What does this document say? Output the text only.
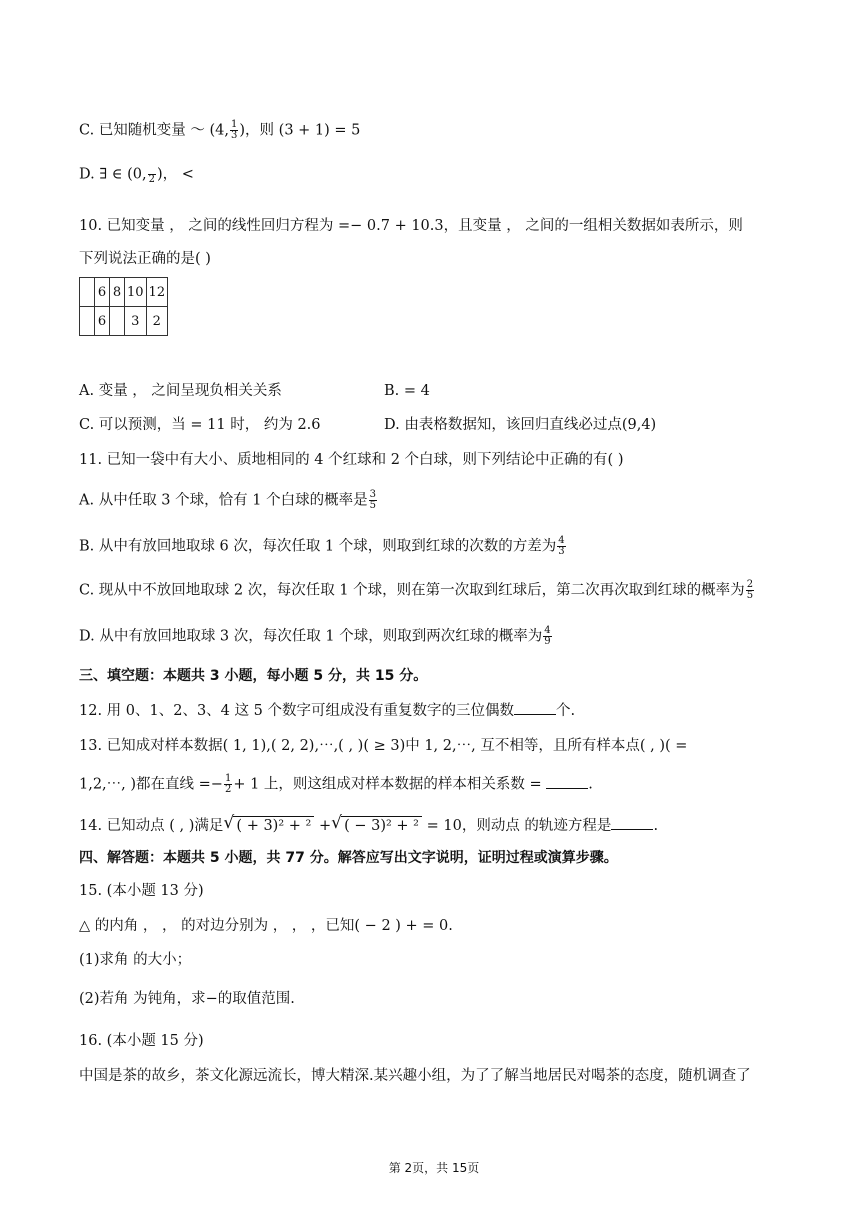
C. 已知随机变量 ～ (4, $\frac{1}{3}$ )，则 (3 + 1) = 5
D. ∃ ∈ (0,
2 )， <
10. 已知变量 ， 之间的线性回归方程为 =− 0.7 + 10.3，且变量 ， 之间的一组相关数据如表所示，则
下列说法正确的是( )
	6	8	10	12
	6		3	2
A. 变量 ， 之间呈现负相关关系	B. = 4
C. 可以预测，当 = 11 时， 约为 2.6	D. 由表格数据知，该回归直线必过点(9,4)
11. 已知一袋中有大小、质地相同的 4 个红球和 2 个白球，则下列结论中正确的有( )
A. 从中任取 3 个球，恰有 1 个白球的概率是 $\frac{3}{5}$
B. 从中有放回地取球 6 次，每次任取 1 个球，则取到红球的次数的方差为 $\frac{4}{3}$
C. 现从中不放回地取球 2 次，每次任取 1 个球，则在第一次取到红球后，第二次再次取到红球的概率为 $\frac{2}{5}$
D. 从中有放回地取球 3 次，每次任取 1 个球，则取到两次红球的概率为 $\frac{4}{9}$
三、填空题：本题共 3 小题，每小题 5 分，共 15 分。
12. 用 0、1、2、3、4 这 5 个数字可组成没有重复数字的三位偶数	个.
13. 已知成对样本数据( 1, 1),( 2, 2),⋯,( , )( ≥ 3)中 1, 2,⋯, 互不相等，且所有样本点( , )( =
1,2,⋯, )都在直线 =− $\frac{1}{2} + 1$ 上，则这组成对样本数据的样本相关系数 =	.
14. 已知动点 ( , )满足 √ ( + 3)² + ² + √ ( − 3)² + ² = 10，则动点 的轨迹方程是	.
四、解答题：本题共 5 小题，共 77 分。解答应写出文字说明，证明过程或演算步骤。
15. (本小题 13 分)
△ 的内角 ， ， 的对边分别为 ， ， ，已知( − 2 ) + = 0.
(1)求角 的大小；
(2)若角 为钝角，求−的取值范围.
16. (本小题 15 分)
中国是茶的故乡，茶文化源远流长，博大精深.某兴趣小组，为了了解当地居民对喝茶的态度，随机调查了
第 2页，共 15页
